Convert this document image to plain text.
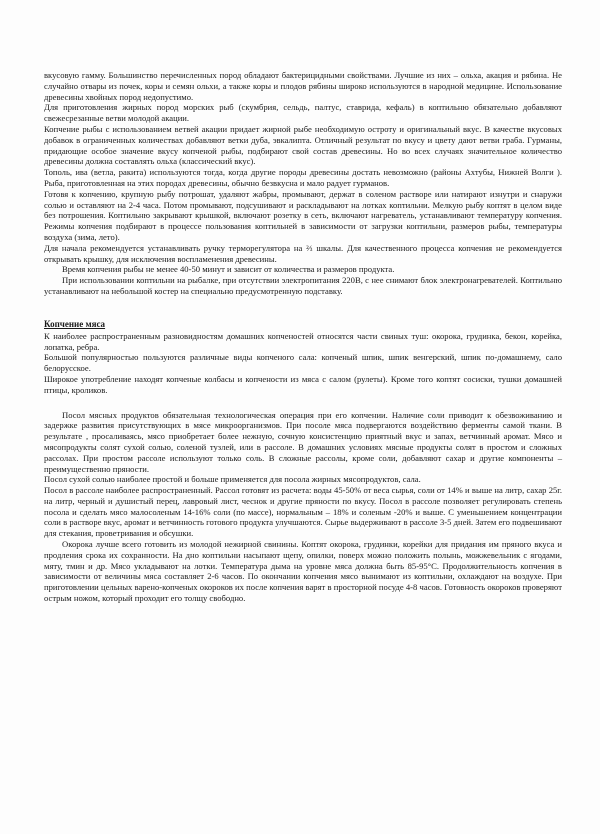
вкусовую гамму. Большинство перечисленных пород обладают бактерицидными свойствами. Лучшие из них – ольха, акация и рябина. Не случайно отвары из почек, коры и семян ольхи, а также коры и плодов рябины широко используются в народной медицине. Использование древесины хвойных пород недопустимо.

Для приготовления жирных пород морских рыб (скумбрия, сельдь, палтус, ставрида, кефаль) в коптильню обязательно добавляют свежесрезанные ветви молодой акации.

Копчение рыбы с использованием ветвей акации придает жирной рыбе необходимую остроту и оригинальный вкус. В качестве вкусовых добавок в ограниченных количествах добавляют ветки дуба, эвкалипта. Отличный результат по вкусу и цвету дают ветви граба. Гурманы, придающие особое значение вкусу копченой рыбы, подбирают свой состав древесины. Но во всех случаях значительное количество древесины должна составлять ольха (классический вкус).

Тополь, ива (ветла, ракита) используются тогда, когда другие породы древесины достать невозможно (районы Ахтубы, Нижней Волги ). Рыба, приготовленная на этих породах древесины, обычно безвкусна и мало радует гурманов.

Готовя к копчению, крупную рыбу потрошат, удаляют жабры, промывают, держат в соленом растворе или натирают изнутри и снаружи солью и оставляют на 2-4 часа. Потом промывают, подсушивают и раскладывают на лотках коптильни. Мелкую рыбу коптят в целом виде без потрошения. Коптильню закрывают крышкой, включают розетку в сеть, включают нагреватель, устанавливают температуру копчения. Режимы копчения подбирают в процессе пользования коптильней в зависимости от загрузки коптильни, размеров рыбы, температуры воздуха (зима, лето).

Для начала рекомендуется устанавливать ручку терморегулятора на ⅔ шкалы. Для качественного процесса копчения не рекомендуется открывать крышку, для исключения воспламенения древесины.

Время копчения рыбы не менее 40-50 минут и зависит от количества и размеров продукта.

При использовании коптильни на рыбалке, при отсутствии электропитания 220В, с нее снимают блок электронагревателей. Коптильню устанавливают на небольшой костер на специально предусмотренную подставку.

Копчение мяса

К наиболее распространенным разновидностям домашних копченостей относятся части свиных туш: окорока, грудинка, бекон, корейка, лопатка, ребра.

Большой популярностью пользуются различные виды копченого сала: копченый шпик, шпик венгерский, шпик по-домашнему, сало белорусское.

Широкое употребление находят копченые колбасы и копчености из мяса с салом (рулеты). Кроме того коптят сосиски, тушки домашней птицы, кроликов.

Посол мясных продуктов обязательная технологическая операция при его копчении. Наличие соли приводит к обезвоживанию и задержке развития присутствующих в мясе микроорганизмов. При посоле мяса подвергаются воздействию ферменты самой ткани. В результате , просаливаясь, мясо приобретает более нежную, сочную консистенцию приятный вкус и запах, ветчинный аромат. Мясо и мясопродукты солят сухой солью, соленой тузлей, или в рассоле. В домашних условиях мясные продукты солят в простом и сложных рассолах. При простом рассоле используют только соль. В сложные рассолы, кроме соли, добавляют сахар и другие компоненты – преимущественно пряности.

Посол сухой солью наиболее простой и больше применяется для посола жирных мясопродуктов, сала.

Посол в рассоле наиболее распространенный. Рассол готовят из расчета: воды 45-50% от веса сырья, соли от 14% и выше на литр, сахар 25г. на литр, черный и душистый перец, лавровый лист, чеснок и другие пряности по вкусу. Посол в рассоле позволяет регулировать степень посола и сделать мясо малосоленым 14-16% соли (по массе), нормальным – 18% и соленым -20% и выше. С уменьшением концентрации соли в растворе вкус, аромат и ветчинность готового продукта улучшаются. Сырье выдерживают в рассоле 3-5 дней. Затем его подвешивают для стекания, проветривания и обсушки.

Окорока лучше всего готовить из молодой нежирной свинины. Коптят окорока, грудинки, корейки для придания им пряного вкуса и продления срока их сохранности. На дно коптильни насыпают щепу, опилки, поверх можно положить полынь, можжевельник с ягодами, мяту, тмин и др. Мясо укладывают на лотки. Температура дыма на уровне мяса должна быть 85-95°С. Продолжительность копчения в зависимости от величины мяса составляет 2-6 часов. По окончании копчения мясо вынимают из коптильни, охлаждают на воздухе. При приготовлении цельных варено-копченых окороков их после копчения варят в просторной посуде 4-8 часов. Готовность окороков проверяют острым ножом, который проходит его толщу свободно.
